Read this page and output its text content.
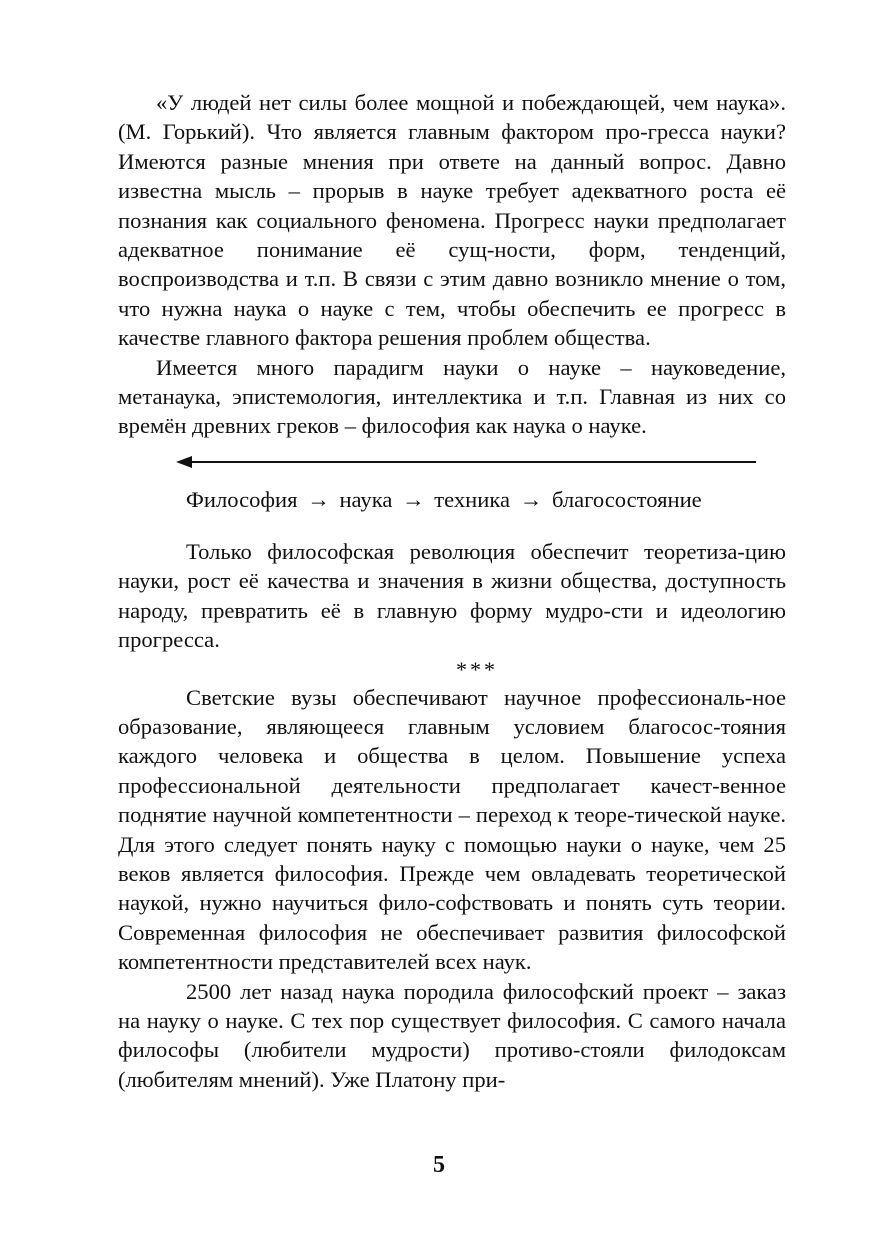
«У людей нет силы более мощной и побеждающей, чем наука». (М. Горький). Что является главным фактором про-гресса науки? Имеются разные мнения при ответе на данный вопрос. Давно известна мысль – прорыв в науке требует адекватного роста её познания как социального феномена. Прогресс науки предполагает адекватное понимание её сущ-ности, форм, тенденций, воспроизводства и т.п. В связи с этим давно возникло мнение о том, что нужна наука о науке с тем, чтобы обеспечить ее прогресс в качестве главного фактора решения проблем общества.

Имеется много парадигм науки о науке – науковедение, метанаука, эпистемология, интеллектика и т.п. Главная из них со времён древних греков – философия как наука о науке.

Философия → наука → техника → благосостояние

Только философская революция обеспечит теоретиза-цию науки, рост её качества и значения в жизни общества, доступность народу, превратить её в главную форму мудро-сти и идеологию прогресса.

***

Светские вузы обеспечивают научное профессиональ-ное образование, являющееся главным условием благосос-тояния каждого человека и общества в целом. Повышение успеха профессиональной деятельности предполагает качест-венное поднятие научной компетентности – переход к теоре-тической науке. Для этого следует понять науку с помощью науки о науке, чем 25 веков является философия. Прежде чем овладевать теоретической наукой, нужно научиться фило-софствовать и понять суть теории. Современная философия не обеспечивает развития философской компетентности представителей всех наук.

2500 лет назад наука породила философский проект – заказ на науку о науке. С тех пор существует философия. С самого начала философы (любители мудрости) противо-стояли филодоксам (любителям мнений). Уже Платону при-

5
